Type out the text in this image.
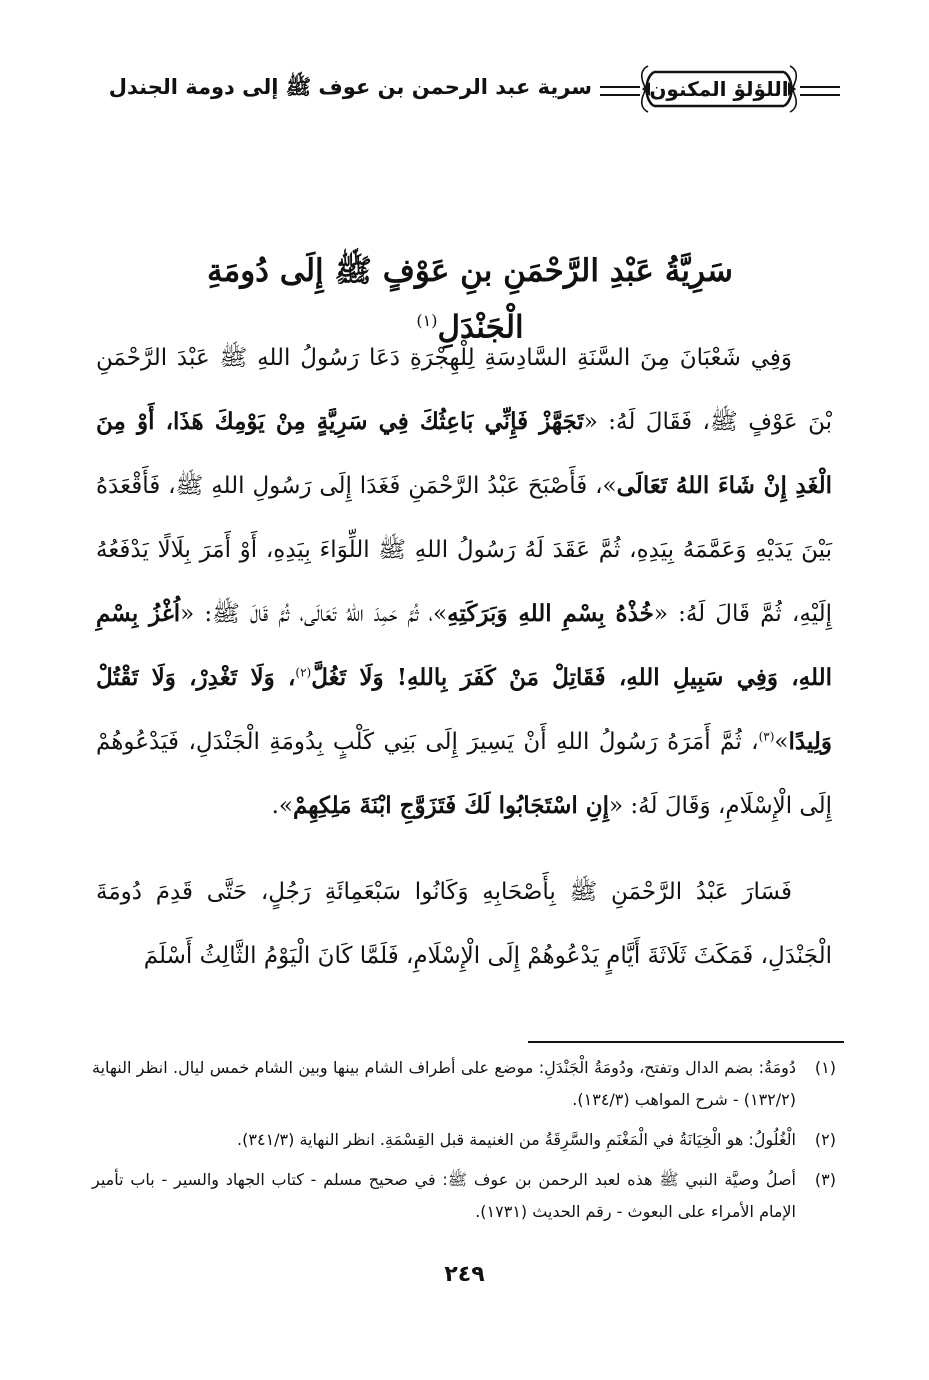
اللؤلؤ المكنون
سرية عبد الرحمن بن عوف ﷺ إلى دومة الجندل
سَرِيَّةُ عَبْدِ الرَّحْمَنِ بنِ عَوْفٍ ﷺ إِلَى دُومَةِ الْجَنْدَلِ$^{(١)}$

وَفِي شَعْبَانَ مِنَ السَّنَةِ السَّادِسَةِ لِلْهِجْرَةِ دَعَا رَسُولُ اللهِ ﷺ عَبْدَ الرَّحْمَنِ بْنَ عَوْفٍ ﷺ، فَقَالَ لَهُ: «تَجَهَّزْ فَإِنِّي بَاعِثُكَ فِي سَرِيَّةٍ مِنْ يَوْمِكَ هَذَا، أَوْ مِنَ الْغَدِ إِنْ شَاءَ اللهُ تَعَالَى»، فَأَصْبَحَ عَبْدُ الرَّحْمَنِ فَغَدَا إِلَى رَسُولِ اللهِ ﷺ، فَأَقْعَدَهُ بَيْنَ يَدَيْهِ وَعَمَّمَهُ بِيَدِهِ، ثُمَّ عَقَدَ لَهُ رَسُولُ اللهِ ﷺ اللِّوَاءَ بِيَدِهِ، أَوْ أَمَرَ بِلَالًا يَدْفَعُهُ إِلَيْهِ، ثُمَّ قَالَ لَهُ: «خُذْهُ بِسْمِ اللهِ وَبَرَكَتِهِ»، ثُمَّ حَمِدَ اللهُ تَعَالَى، ثُمَّ قَالَ ﷺ: «اُغْزُ بِسْمِ اللهِ، وَفِي سَبِيلِ اللهِ، فَقَاتِلْ مَنْ كَفَرَ بِاللهِ! وَلَا تَغُلَّ$^{(٢)}$، وَلَا تَغْدِرْ، وَلَا تَقْتُلْ وَلِيدًا»$^{(٣)}$، ثُمَّ أَمَرَهُ رَسُولُ اللهِ أَنْ يَسِيرَ إِلَى بَنِي كَلْبٍ بِدُومَةِ الْجَنْدَلِ، فَيَدْعُوهُمْ إِلَى الْإِسْلَامِ، وَقَالَ لَهُ: «إِنِ اسْتَجَابُوا لَكَ فَتَزَوَّجِ ابْنَةَ مَلِكِهِمْ».

فَسَارَ عَبْدُ الرَّحْمَنِ ﷺ بِأَصْحَابِهِ وَكَانُوا سَبْعَمِائَةِ رَجُلٍ، حَتَّى قَدِمَ دُومَةَ الْجَنْدَلِ، فَمَكَثَ ثَلَاثَةَ أَيَّامٍ يَدْعُوهُمْ إِلَى الْإِسْلَامِ، فَلَمَّا كَانَ الْيَوْمُ الثَّالِثُ أَسْلَمَ

(١)
دُومَةُ: بضم الدال وتفتح، ودُومَةُ الْجَنْدَلِ: موضع على أطراف الشام بينها وبين الشام خمس ليال. انظر النهاية (١٣٢/٢) - شرح المواهب (١٣٤/٣).
(٢)
الْغُلُولُ: هو الْخِيَانَةُ في الْمَغْنَمِ والسَّرِقَةُ من الغنيمة قبل القِسْمَةِ. انظر النهاية (٣٤١/٣).
(٣)
أصلُ وصيَّة النبي ﷺ هذه لعبد الرحمن بن عوف ﷺ: في صحيح مسلم - كتاب الجهاد والسير - باب تأمير الإمام الأمراء على البعوث - رقم الحديث (١٧٣١).
٢٤٩
